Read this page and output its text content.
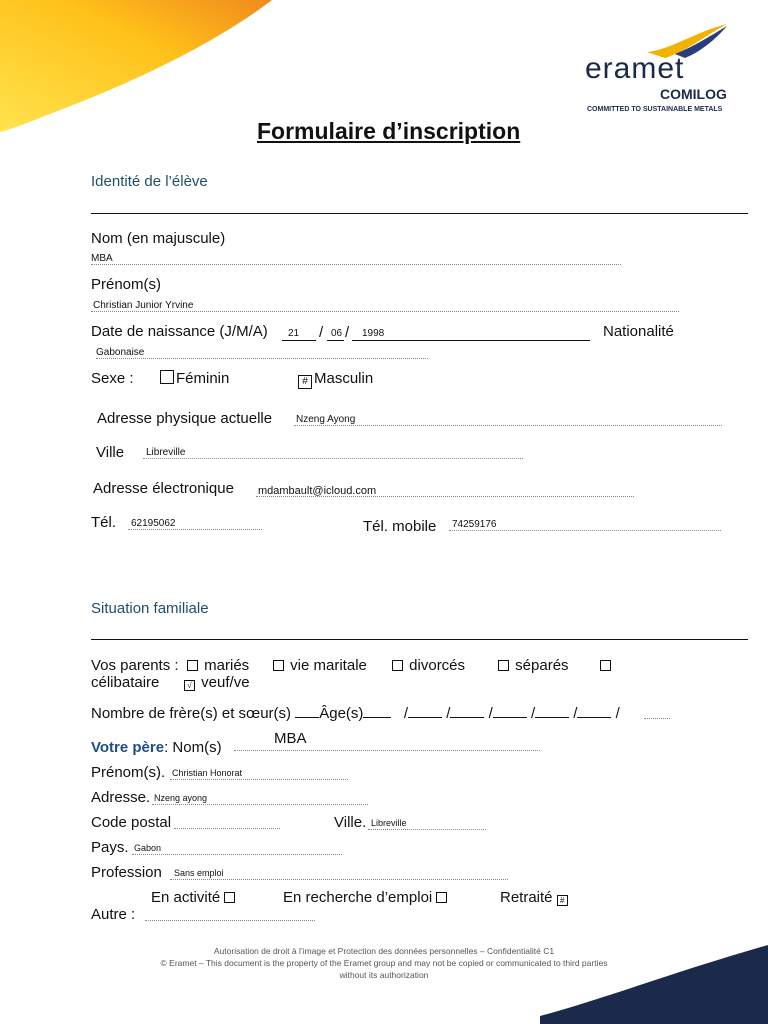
eramet
COMILOG
COMMITTED TO SUSTAINABLE METALS
Formulaire d’inscription
Identité de l’élève
Nom (en majuscule)
MBA
Prénom(s)
Christian Junior Yrvine
Date de naissance (J/M/A) 21 / 06 / 1998	Nationalité
Gabonaise
Sexe :	Féminin	# Masculin
Adresse physique actuelle Nzeng Ayong
Ville Libreville
Adresse électronique mdambault@icloud.com
Tél. 62195062	Tél. mobile 74259176
Situation familiale
Vos parents :	mariés	vie maritale	divorcés	séparés
célibataire	√ veuf/ve
Nombre de frère(s) et sœur(s) Âge(s)	/	/	/	/	/	/
Votre père: Nom(s)
MBA
Prénom(s). Christian Honorat
Adresse. Nzeng ayong
Code postal	Ville. Libreville
Pays. Gabon
Profession Sans emploi
En activité	En recherche d’emploi	Retraité #
Autre :
Autorisation de droit à l’image et Protection des données personnelles – Confidentialité C1
© Eramet – This document is the property of the Eramet group and may not be copied or communicated to third parties
without its authorization
